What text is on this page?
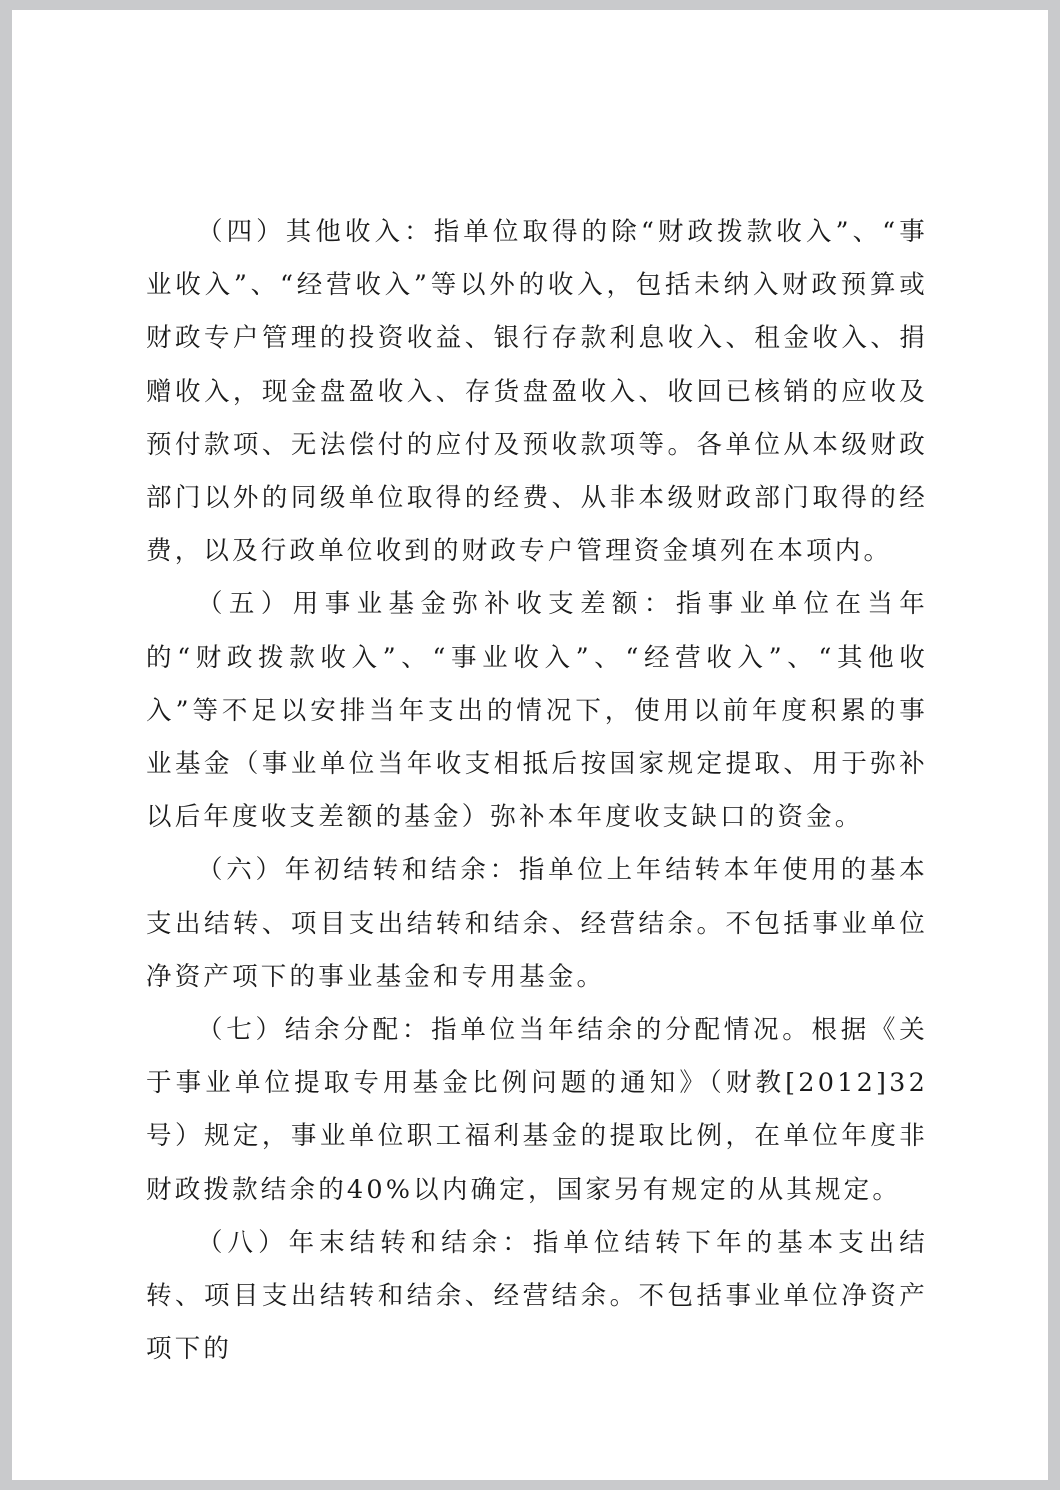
（四）其他收入：指单位取得的除“财政拨款收入”、“事业收入”、“经营收入”等以外的收入，包括未纳入财政预算或财政专户管理的投资收益、银行存款利息收入、租金收入、捐赠收入，现金盘盈收入、存货盘盈收入、收回已核销的应收及预付款项、无法偿付的应付及预收款项等。各单位从本级财政部门以外的同级单位取得的经费、从非本级财政部门取得的经费，以及行政单位收到的财政专户管理资金填列在本项内。

（五）用事业基金弥补收支差额：指事业单位在当年的“财政拨款收入”、“事业收入”、“经营收入”、“其他收入”等不足以安排当年支出的情况下，使用以前年度积累的事业基金（事业单位当年收支相抵后按国家规定提取、用于弥补以后年度收支差额的基金）弥补本年度收支缺口的资金。

（六）年初结转和结余：指单位上年结转本年使用的基本支出结转、项目支出结转和结余、经营结余。不包括事业单位净资产项下的事业基金和专用基金。

（七）结余分配：指单位当年结余的分配情况。根据《关于事业单位提取专用基金比例问题的通知》（财教[2012]32号）规定，事业单位职工福利基金的提取比例，在单位年度非财政拨款结余的40%以内确定，国家另有规定的从其规定。

（八）年末结转和结余：指单位结转下年的基本支出结转、项目支出结转和结余、经营结余。不包括事业单位净资产项下的
